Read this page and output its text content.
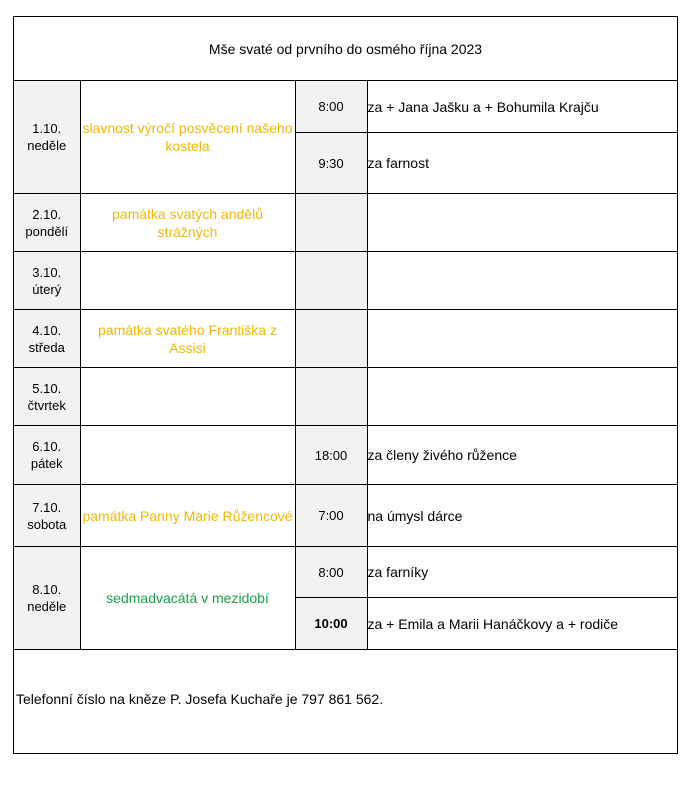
Mše svaté od prvního do osmého října 2023
1.10.
neděle	slavnost výročí posvěcení našeho kostela	8:00	za + Jana Jašku a + Bohumila Krajču
		9:30	za farnost

2.10.
pondělí	památka svatých andělů strážných		

3.10.
úterý			

4.10.
středa	památka svatého Františka z Assisi		

5.10.
čtvrtek			

6.10.
pátek		18:00	za členy živého růžence

7.10.
sobota	památka Panny Marie Růžencové	7:00	na úmysl dárce

8.10.
neděle	sedmadvacátá v mezidobí	8:00	za farníky
		10:00	za + Emila a Marii Hanáčkovy a + rodiče
Telefonní číslo na kněze P. Josefa Kuchaře je 797 861 562.
